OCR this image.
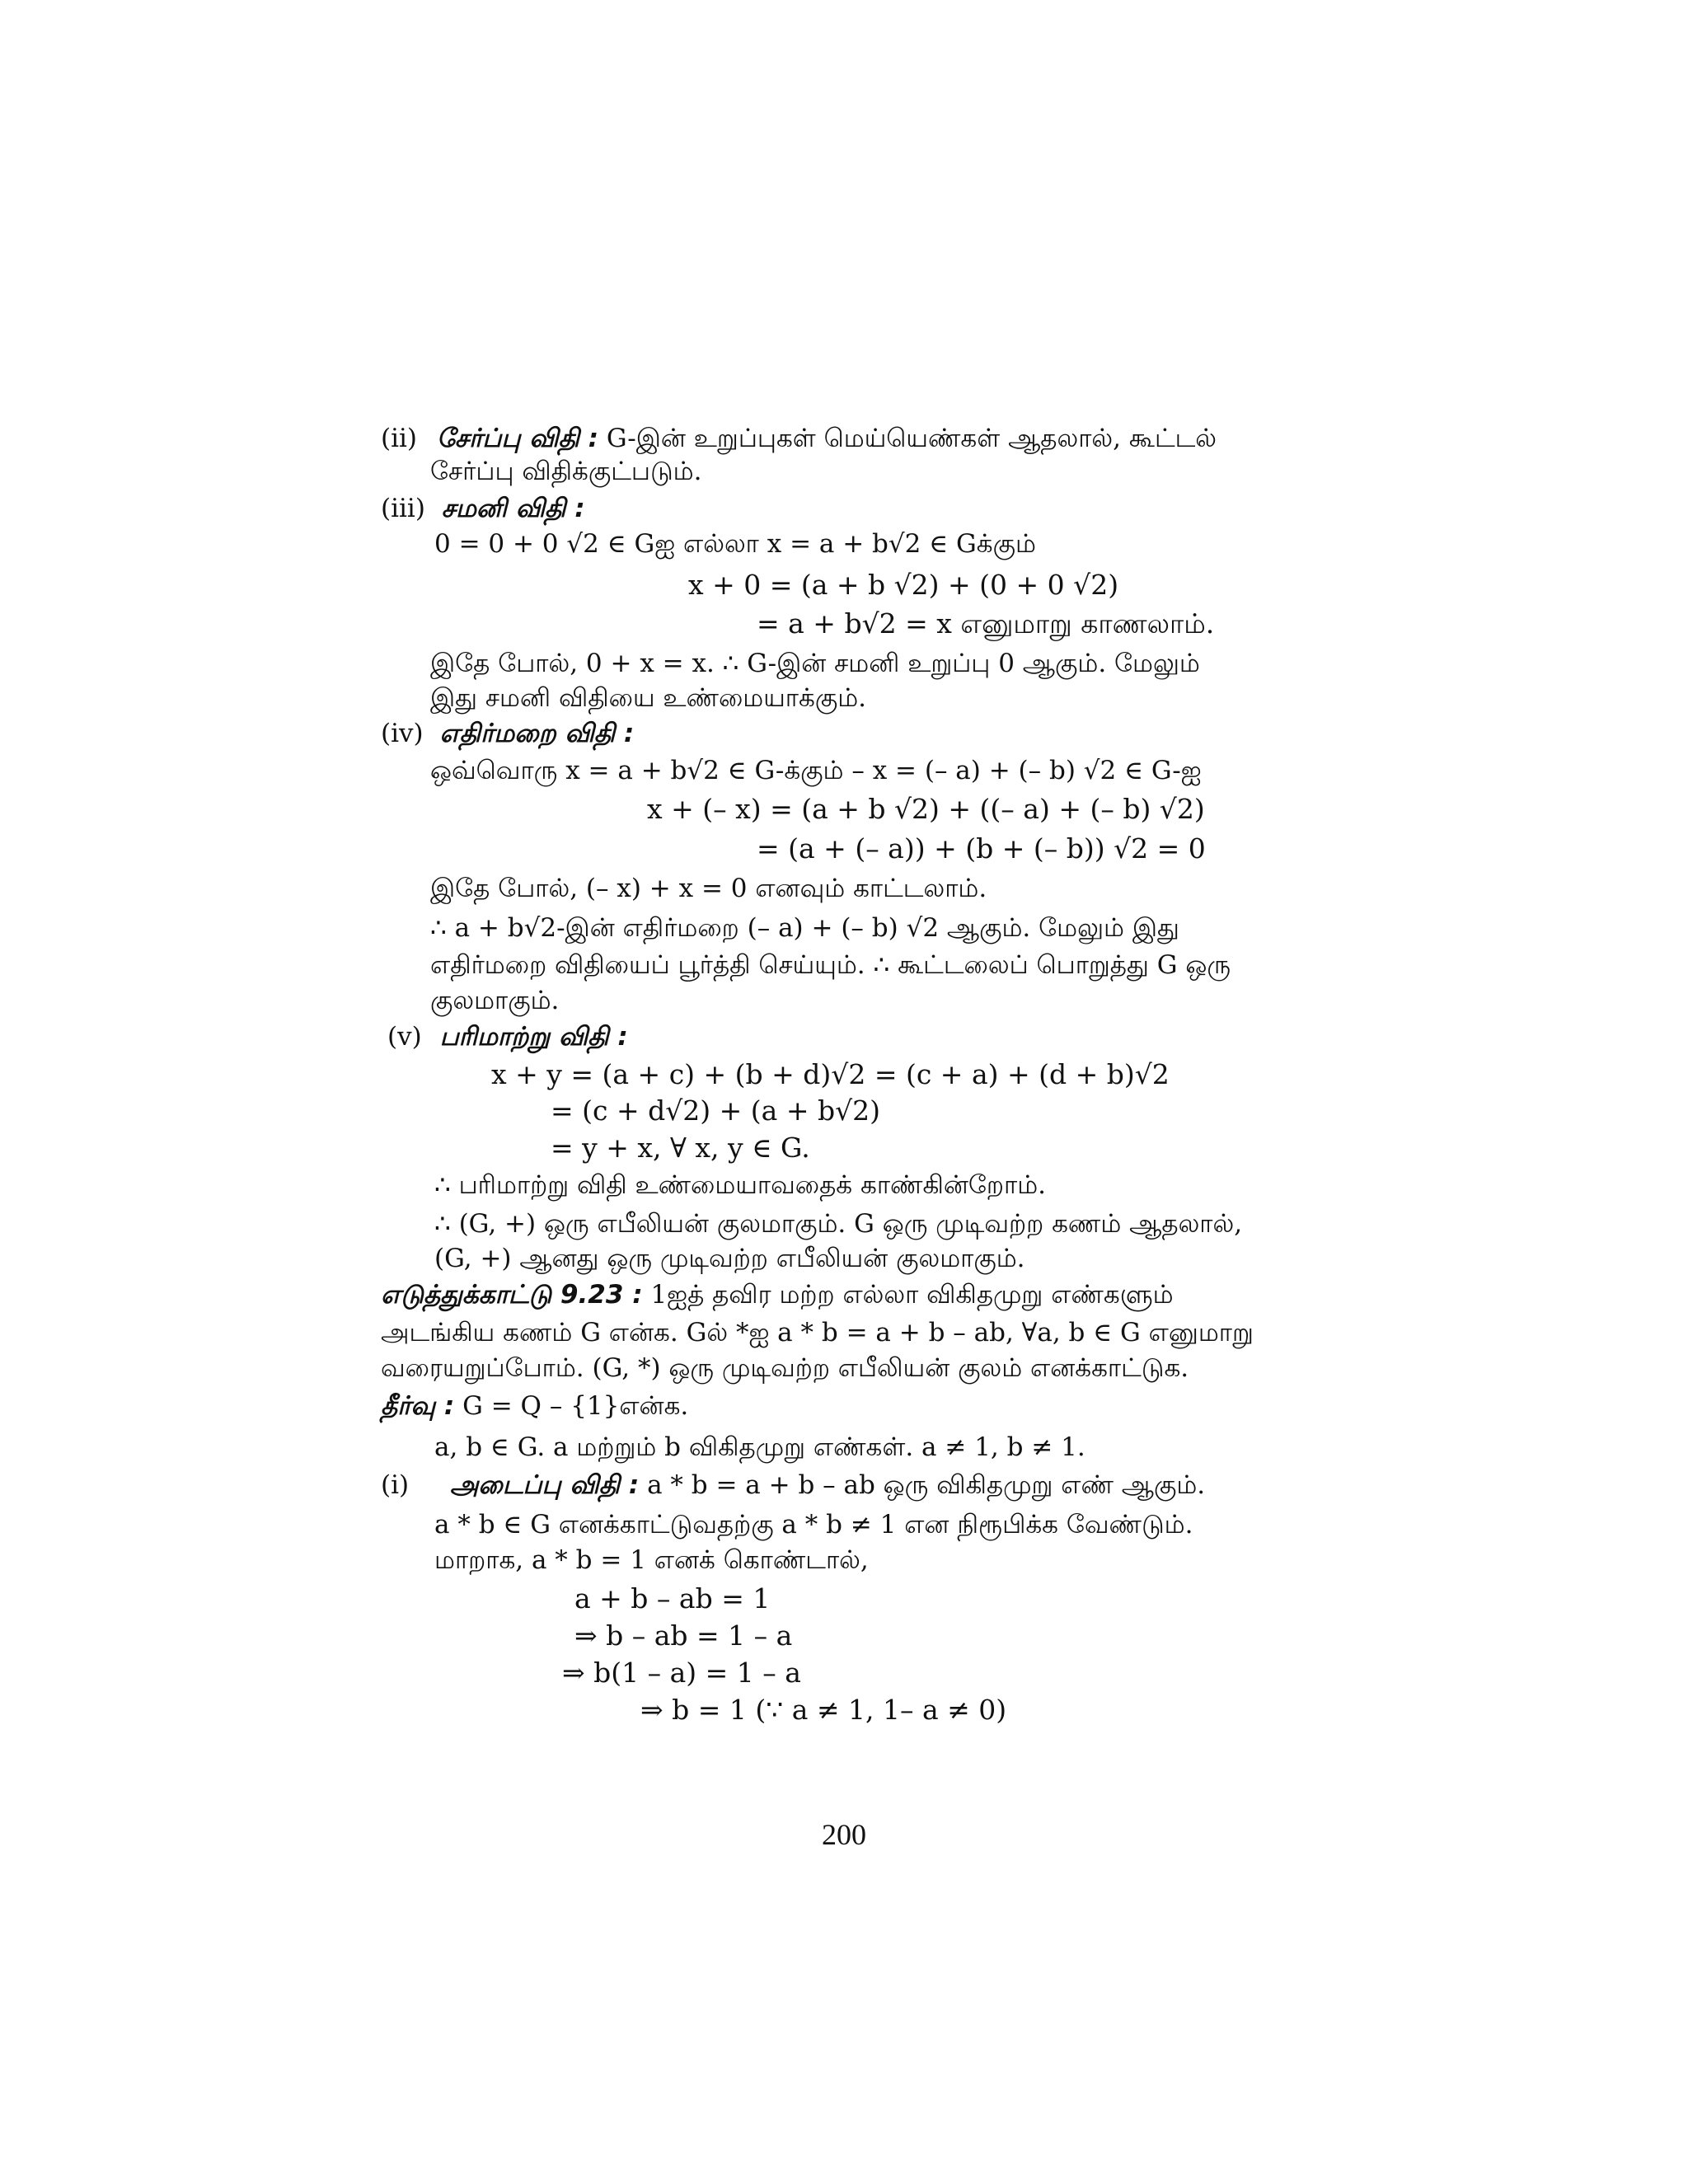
(ii) சேர்ப்பு விதி : G-இன் உறுப்புகள் மெய்யெண்கள் ஆதலால், கூட்டல்
சேர்ப்பு விதிக்குட்படும்.
(iii) சமனி விதி :
0 = 0 + 0 √2 ∈ Gஐ எல்லா x = a + b√2 ∈ Gக்கும்
x + 0 = (a + b √2) + (0 + 0 √2)
= a + b√2 = x எனுமாறு காணலாம்.
இதே போல், 0 + x = x. ∴ G-இன் சமனி உறுப்பு 0 ஆகும். மேலும்
இது சமனி விதியை உண்மையாக்கும்.
(iv) எதிர்மறை விதி :
ஒவ்வொரு x = a + b√2 ∈ G-க்கும் – x = (– a) + (– b) √2 ∈ G-ஐ
x + (– x) = (a + b √2) + ((– a) + (– b) √2)
= (a + (– a)) + (b + (– b)) √2 = 0
இதே போல், (– x) + x = 0 எனவும் காட்டலாம்.
∴ a + b√2-இன் எதிர்மறை (– a) + (– b) √2 ஆகும். மேலும் இது
எதிர்மறை விதியைப் பூர்த்தி செய்யும். ∴ கூட்டலைப் பொறுத்து G ஒரு
குலமாகும்.
(v) பரிமாற்று விதி :
x + y = (a + c) + (b + d)√2 = (c + a) + (d + b)√2
= (c + d√2) + (a + b√2)
= y + x, ∀ x, y ∈ G.
∴ பரிமாற்று விதி உண்மையாவதைக் காண்கின்றோம்.
∴ (G, +) ஒரு எபீலியன் குலமாகும். G ஒரு முடிவற்ற கணம் ஆதலால்,
(G, +) ஆனது ஒரு முடிவற்ற எபீலியன் குலமாகும்.
எடுத்துக்காட்டு 9.23 : 1ஐத் தவிர மற்ற எல்லா விகிதமுறு எண்களும்
அடங்கிய கணம் G என்க. Gல் *ஐ a * b = a + b – ab, ∀a, b ∈ G எனுமாறு
வரையறுப்போம். (G, *) ஒரு முடிவற்ற எபீலியன் குலம் எனக்காட்டுக.
தீர்வு : G = Q – {1}என்க.
a, b ∈ G. a மற்றும் b விகிதமுறு எண்கள். a ≠ 1, b ≠ 1.
(i) அடைப்பு விதி : a * b = a + b – ab ஒரு விகிதமுறு எண் ஆகும்.
a * b ∈ G எனக்காட்டுவதற்கு a * b ≠ 1 என நிரூபிக்க வேண்டும்.
மாறாக, a * b = 1 எனக் கொண்டால்,
a + b – ab = 1
⇒ b – ab = 1 – a
⇒ b(1 – a) = 1 – a
⇒ b = 1 (∵ a ≠ 1, 1– a ≠ 0)
200
